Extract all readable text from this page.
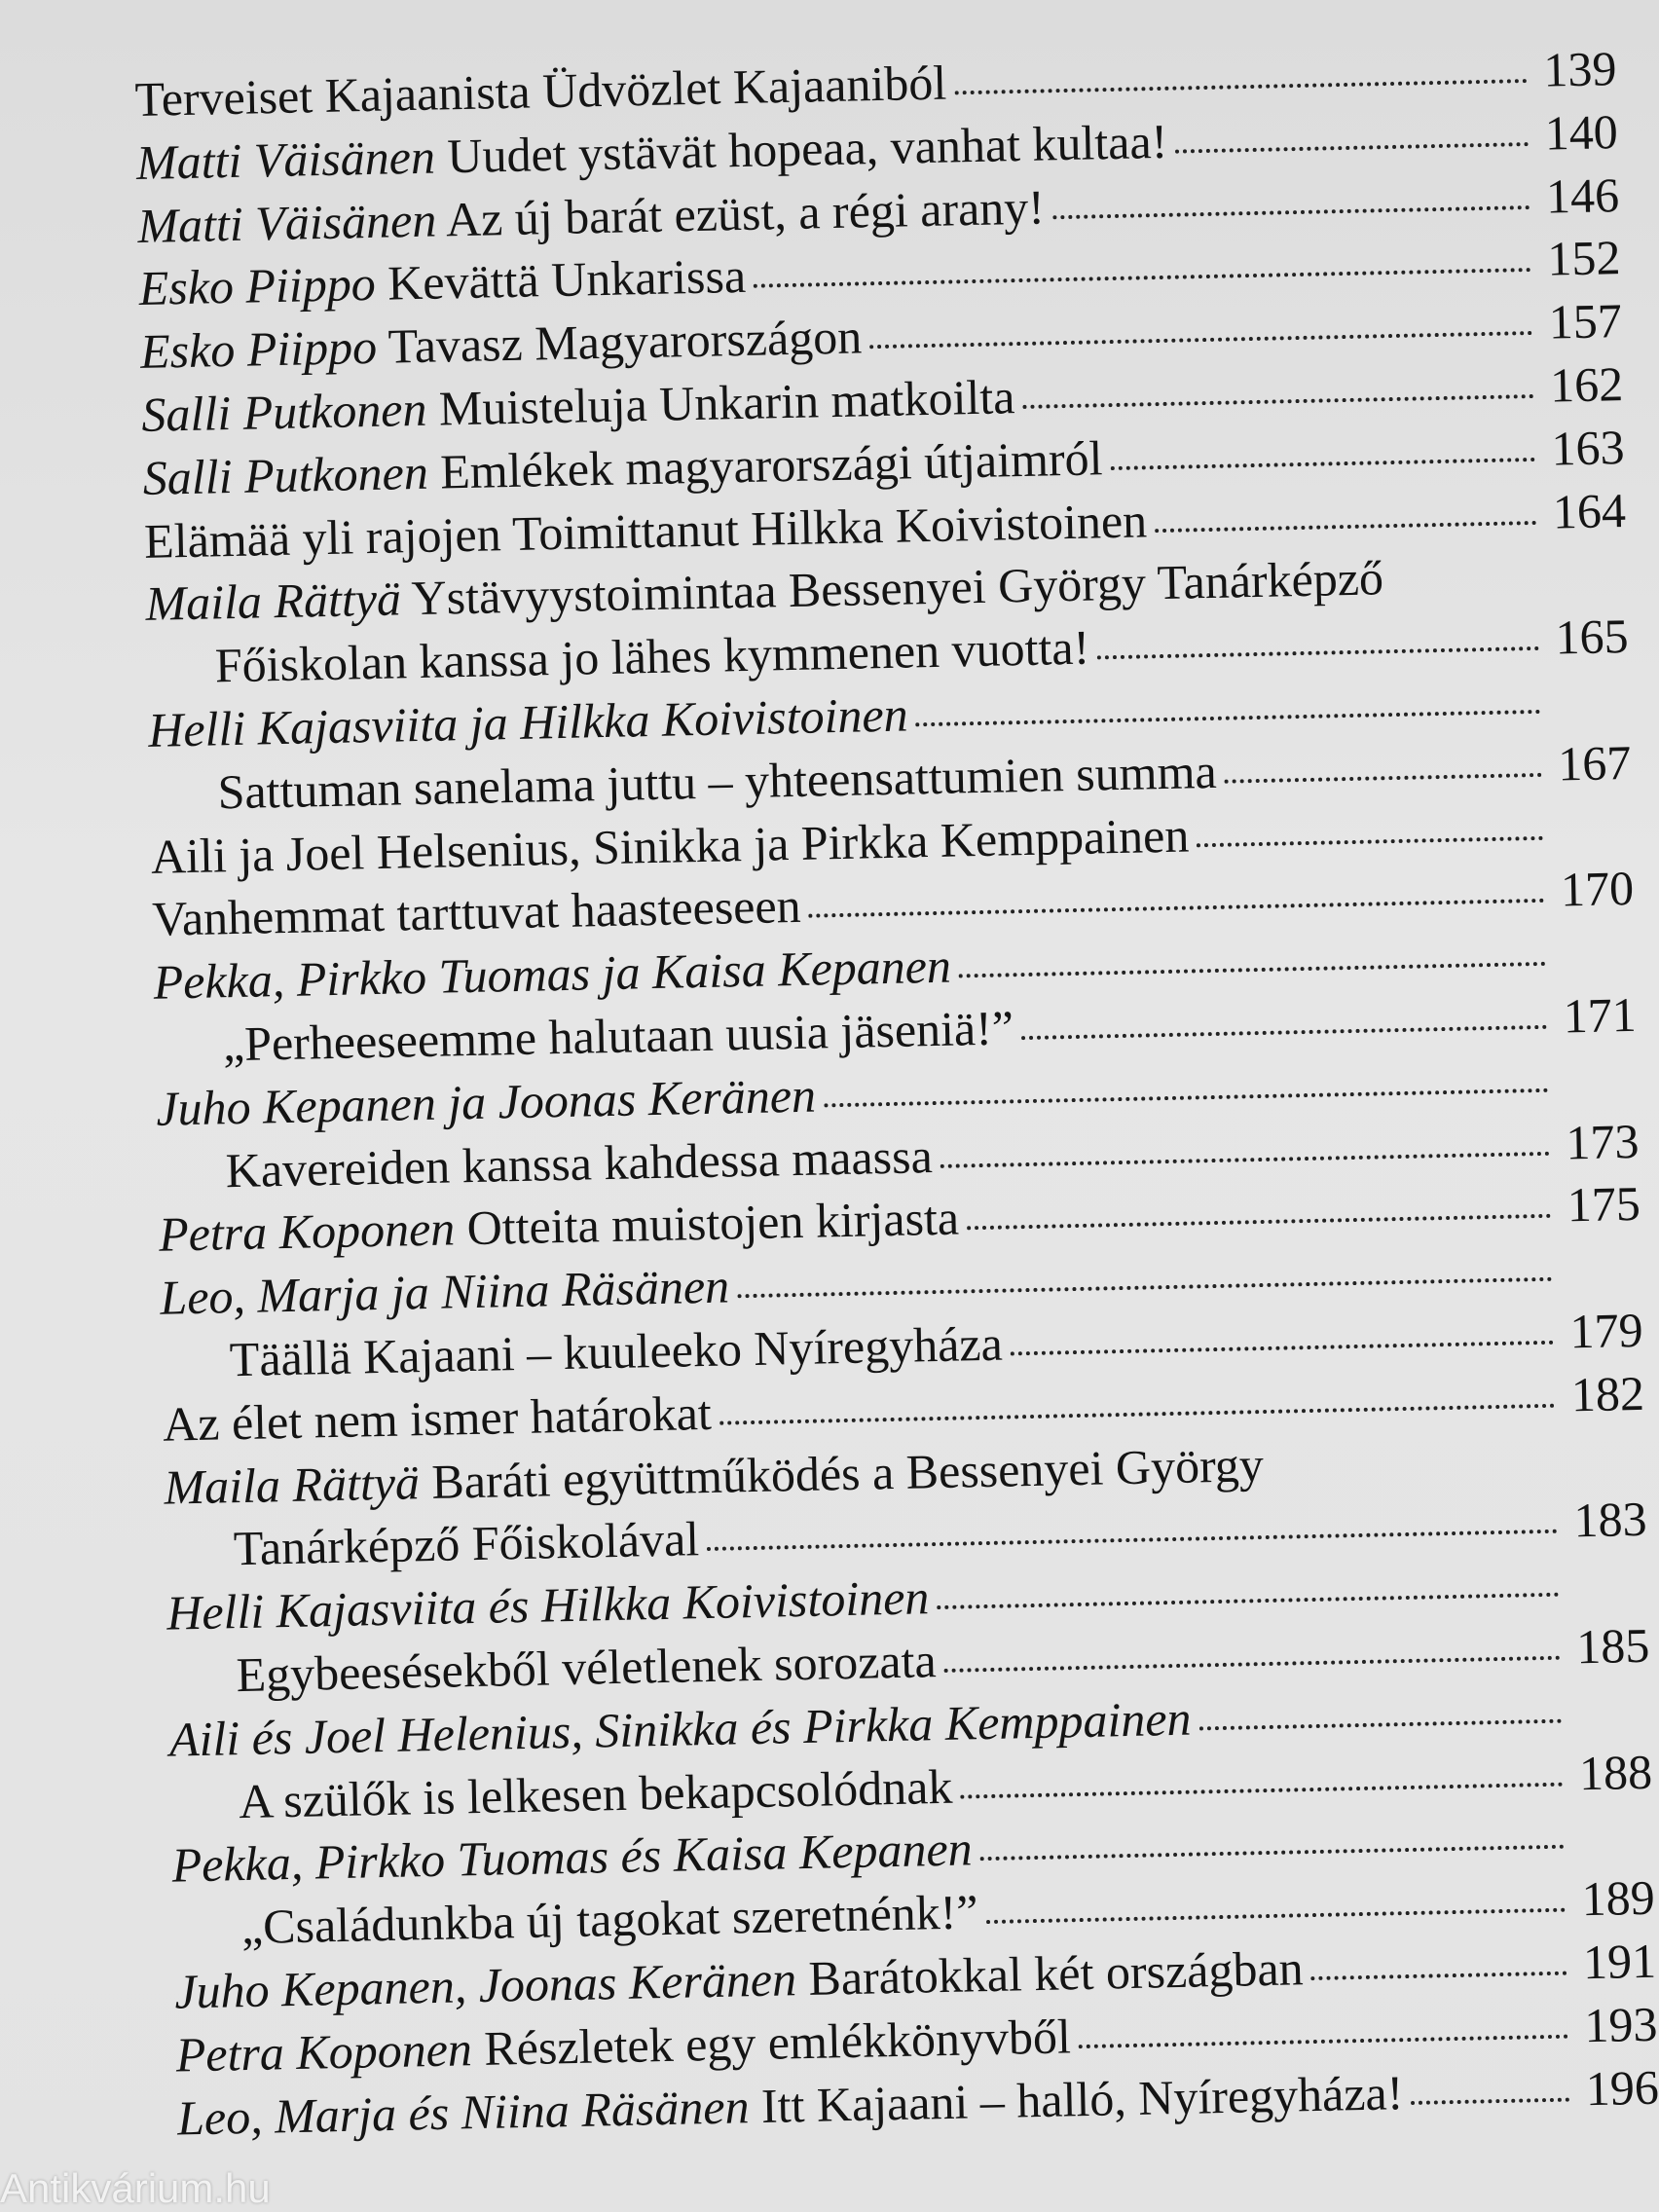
Terveiset Kajaanista Üdvözlet Kajaaniból	139
Matti Väisänen
Uudet ystävät hopeaa, vanhat kultaa!	140
Matti Väisänen
Az új barát ezüst, a régi arany!	146
Esko Piippo
Kevättä Unkarissa	152
Esko Piippo
Tavasz Magyarországon	157
Salli Putkonen
Muisteluja Unkarin matkoilta	162
Salli Putkonen
Emlékek magyarországi útjaimról	163
Elämää yli rajojen Toimittanut Hilkka Koivistoinen	164
Maila Rättyä
Ystävyystoimintaa Bessenyei György Tanárképző
Főiskolan kanssa jo lähes kymmenen vuotta!	165
Helli Kajasviita ja Hilkka Koivistoinen
Sattuman sanelama juttu – yhteensattumien summa	167
Aili ja Joel Helsenius, Sinikka ja Pirkka Kemppainen
Vanhemmat tarttuvat haasteeseen	170
Pekka, Pirkko Tuomas ja Kaisa Kepanen
„Perheeseemme halutaan uusia jäseniä!”	171
Juho Kepanen ja Joonas Keränen
Kavereiden kanssa kahdessa maassa	173
Petra Koponen
Otteita muistojen kirjasta	175
Leo, Marja ja Niina Räsänen
Täällä Kajaani – kuuleeko Nyíregyháza	179
Az élet nem ismer határokat	182
Maila Rättyä
Baráti együttműködés a Bessenyei György
Tanárképző Főiskolával	183
Helli Kajasviita és Hilkka Koivistoinen
Egybeesésekből véletlenek sorozata	185
Aili és Joel Helenius, Sinikka és Pirkka Kemppainen
A szülők is lelkesen bekapcsolódnak	188
Pekka, Pirkko Tuomas és Kaisa Kepanen
„Családunkba új tagokat szeretnénk!”	189
Juho Kepanen, Joonas Keränen
Barátokkal két országban	191
Petra Koponen
Részletek egy emlékkönyvből	193
Leo, Marja és Niina Räsänen
Itt Kajaani – halló, Nyíregyháza!	196
Antikvárium.hu
